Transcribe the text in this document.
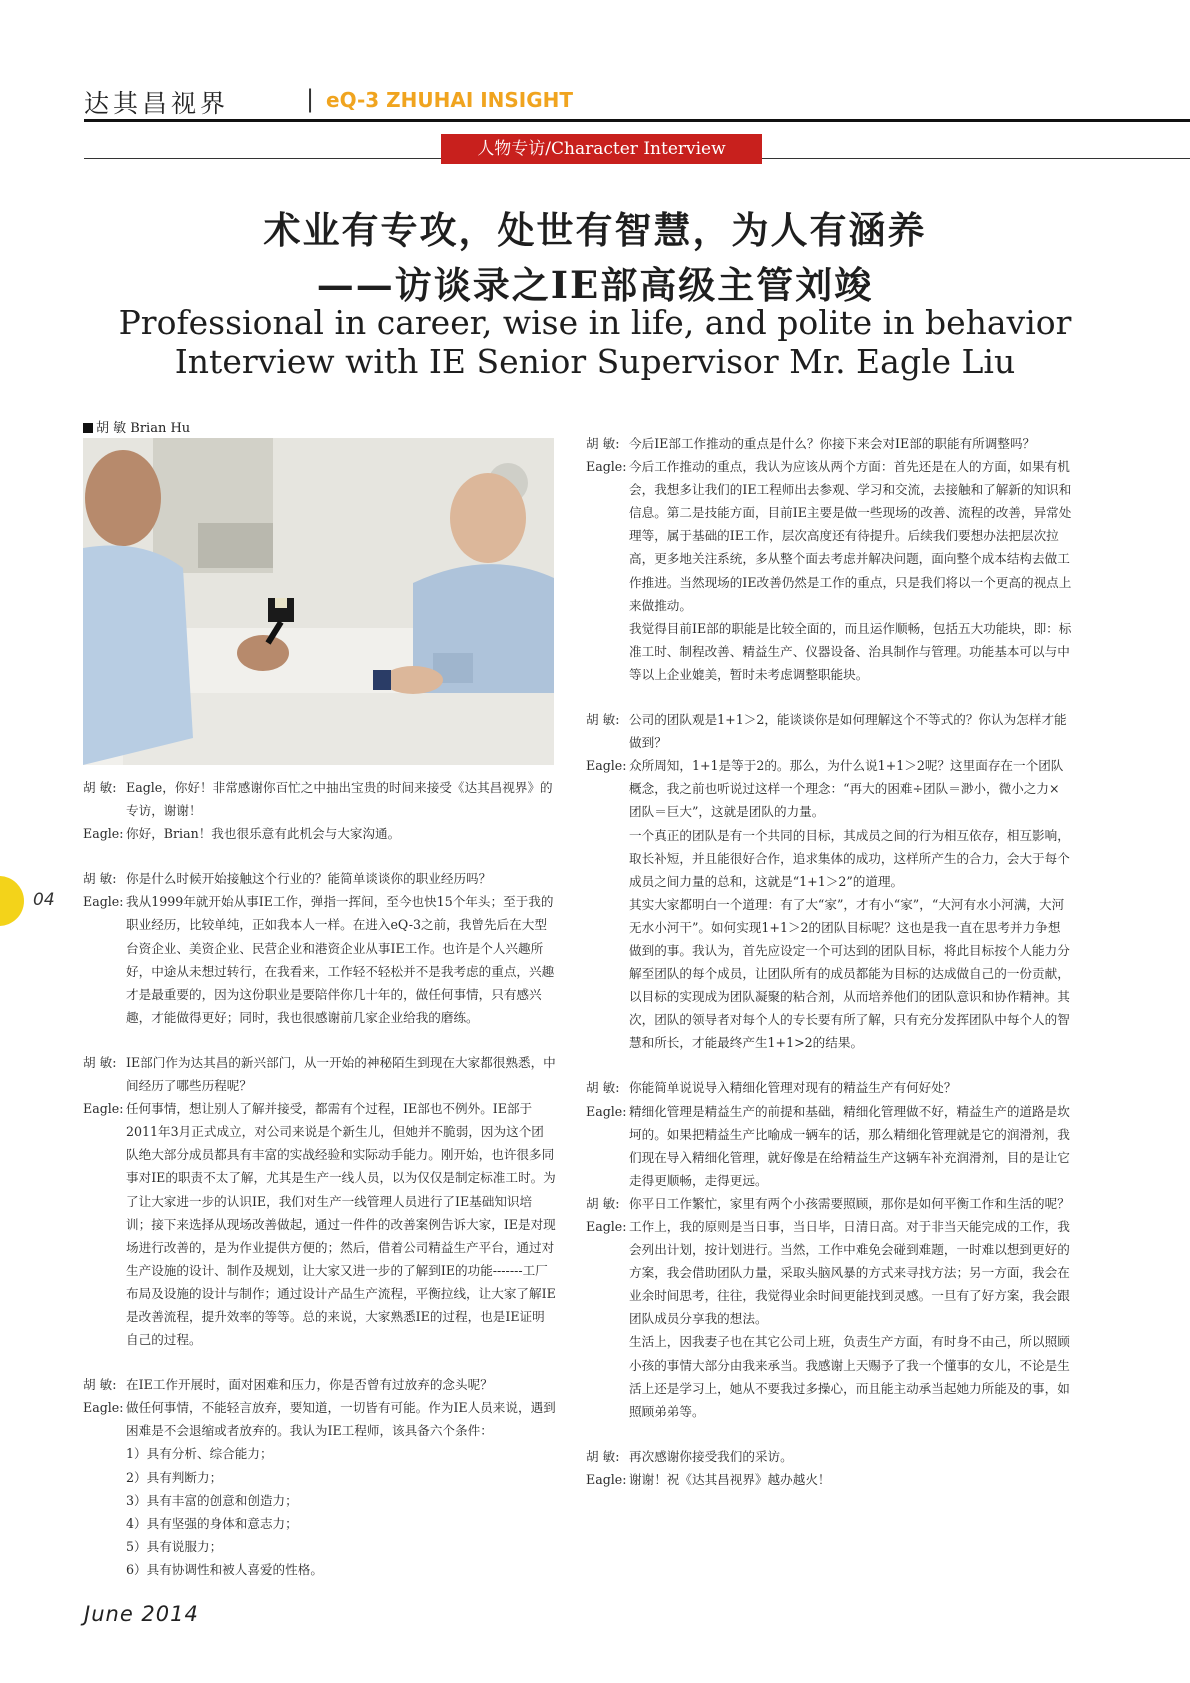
达其昌视界	| eQ-3 ZHUHAI INSIGHT
人物专访/Character Interview
术业有专攻，处世有智慧，为人有涵养
——访谈录之IE部高级主管刘竣
Professional in career, wise in life, and polite in behavior
Interview with IE Senior Supervisor Mr. Eagle Liu
胡 敏 Brian Hu
04
胡 敏: Eagle，你好！非常感谢你百忙之中抽出宝贵的时间来接受《达其昌视界》的专访，谢谢！
Eagle: 你好，Brian！我也很乐意有此机会与大家沟通。
胡 敏: 你是什么时候开始接触这个行业的？能简单谈谈你的职业经历吗？
Eagle: 我从1999年就开始从事IE工作，弹指一挥间，至今也快15个年头；至于我的职业经历，比较单纯，正如我本人一样。在进入eQ-3之前，我曾先后在大型台资企业、美资企业、民营企业和港资企业从事IE工作。也许是个人兴趣所好，中途从未想过转行，在我看来，工作轻不轻松并不是我考虑的重点，兴趣才是最重要的，因为这份职业是要陪伴你几十年的，做任何事情，只有感兴趣，才能做得更好；同时，我也很感谢前几家企业给我的磨练。
胡 敏: IE部门作为达其昌的新兴部门，从一开始的神秘陌生到现在大家都很熟悉，中间经历了哪些历程呢？
Eagle: 任何事情，想让别人了解并接受，都需有个过程，IE部也不例外。IE部于2011年3月正式成立，对公司来说是个新生儿，但她并不脆弱，因为这个团队绝大部分成员都具有丰富的实战经验和实际动手能力。刚开始，也许很多同事对IE的职责不太了解，尤其是生产一线人员，以为仅仅是制定标准工时。为了让大家进一步的认识IE，我们对生产一线管理人员进行了IE基础知识培训；接下来选择从现场改善做起，通过一件件的改善案例告诉大家，IE是对现场进行改善的，是为作业提供方便的；然后，借着公司精益生产平台，通过对生产设施的设计、制作及规划，让大家又进一步的了解到IE的功能-------工厂布局及设施的设计与制作；通过设计产品生产流程，平衡拉线，让大家了解IE是改善流程，提升效率的等等。总的来说，大家熟悉IE的过程，也是IE证明自己的过程。
胡 敏: 在IE工作开展时，面对困难和压力，你是否曾有过放弃的念头呢？
Eagle: 做任何事情，不能轻言放弃，要知道，一切皆有可能。作为IE人员来说，遇到困难是不会退缩或者放弃的。我认为IE工程师，该具备六个条件：
1）具有分析、综合能力；
2）具有判断力；
3）具有丰富的创意和创造力；
4）具有坚强的身体和意志力；
5）具有说服力；
6）具有协调性和被人喜爱的性格。
胡 敏: 今后IE部工作推动的重点是什么？你接下来会对IE部的职能有所调整吗？
Eagle: 今后工作推动的重点，我认为应该从两个方面：首先还是在人的方面，如果有机会，我想多让我们的IE工程师出去参观、学习和交流，去接触和了解新的知识和信息。第二是技能方面，目前IE主要是做一些现场的改善、流程的改善，异常处理等，属于基础的IE工作，层次高度还有待提升。后续我们要想办法把层次拉高，更多地关注系统，多从整个面去考虑并解决问题，面向整个成本结构去做工作推进。当然现场的IE改善仍然是工作的重点，只是我们将以一个更高的视点上来做推动。
我觉得目前IE部的职能是比较全面的，而且运作顺畅，包括五大功能块，即：标准工时、制程改善、精益生产、仪器设备、治具制作与管理。功能基本可以与中等以上企业媲美，暂时未考虑调整职能块。
胡 敏: 公司的团队观是1+1＞2，能谈谈你是如何理解这个不等式的？你认为怎样才能做到？
Eagle: 众所周知，1+1是等于2的。那么，为什么说1+1＞2呢？这里面存在一个团队概念，我之前也听说过这样一个理念：“再大的困难÷团队＝渺小，微小之力×团队＝巨大”，这就是团队的力量。
一个真正的团队是有一个共同的目标，其成员之间的行为相互依存，相互影响，取长补短，并且能很好合作，追求集体的成功，这样所产生的合力，会大于每个成员之间力量的总和，这就是“1+1＞2”的道理。
其实大家都明白一个道理：有了大“家”，才有小“家”，“大河有水小河满，大河无水小河干”。如何实现1+1＞2的团队目标呢？这也是我一直在思考并力争想做到的事。我认为，首先应设定一个可达到的团队目标，将此目标按个人能力分解至团队的每个成员，让团队所有的成员都能为目标的达成做自己的一份贡献，以目标的实现成为团队凝聚的粘合剂，从而培养他们的团队意识和协作精神。其次，团队的领导者对每个人的专长要有所了解，只有充分发挥团队中每个人的智慧和所长，才能最终产生1+1>2的结果。
胡 敏: 你能简单说说导入精细化管理对现有的精益生产有何好处？
Eagle: 精细化管理是精益生产的前提和基础，精细化管理做不好，精益生产的道路是坎坷的。如果把精益生产比喻成一辆车的话，那么精细化管理就是它的润滑剂，我们现在导入精细化管理，就好像是在给精益生产这辆车补充润滑剂，目的是让它走得更顺畅，走得更远。
胡 敏: 你平日工作繁忙，家里有两个小孩需要照顾，那你是如何平衡工作和生活的呢？
Eagle: 工作上，我的原则是当日事，当日毕，日清日高。对于非当天能完成的工作，我会列出计划，按计划进行。当然，工作中难免会碰到难题，一时难以想到更好的方案，我会借助团队力量，采取头脑风暴的方式来寻找方法；另一方面，我会在业余时间思考，往往，我觉得业余时间更能找到灵感。一旦有了好方案，我会跟团队成员分享我的想法。
生活上，因我妻子也在其它公司上班，负责生产方面，有时身不由己，所以照顾小孩的事情大部分由我来承当。我感谢上天赐予了我一个懂事的女儿，不论是生活上还是学习上，她从不要我过多操心，而且能主动承当起她力所能及的事，如照顾弟弟等。
胡 敏: 再次感谢你接受我们的采访。
Eagle: 谢谢！祝《达其昌视界》越办越火！
June 2014
